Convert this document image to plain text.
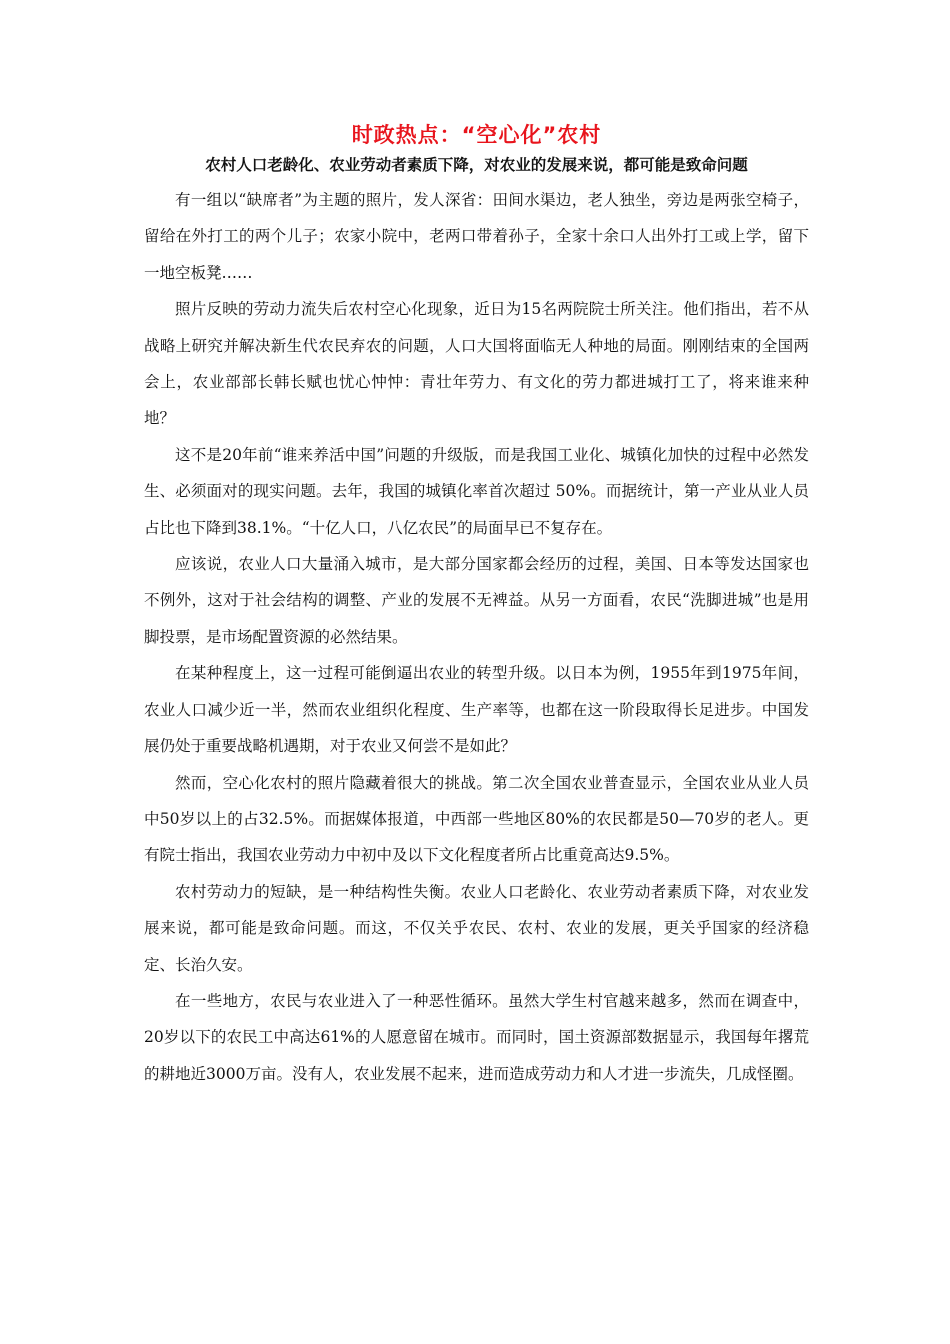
时政热点：“空心化”农村

农村人口老龄化、农业劳动者素质下降，对农业的发展来说，都可能是致命问题

有一组以“缺席者”为主题的照片，发人深省：田间水渠边，老人独坐，旁边是两张空椅子，留给在外打工的两个儿子；农家小院中，老两口带着孙子，全家十余口人出外打工或上学，留下一地空板凳……

照片反映的劳动力流失后农村空心化现象，近日为15名两院院士所关注。他们指出，若不从战略上研究并解决新生代农民弃农的问题，人口大国将面临无人种地的局面。刚刚结束的全国两会上，农业部部长韩长赋也忧心忡忡：青壮年劳力、有文化的劳力都进城打工了，将来谁来种地？

这不是20年前“谁来养活中国”问题的升级版，而是我国工业化、城镇化加快的过程中必然发生、必须面对的现实问题。去年，我国的城镇化率首次超过 50%。而据统计，第一产业从业人员占比也下降到38.1%。“十亿人口，八亿农民”的局面早已不复存在。

应该说，农业人口大量涌入城市，是大部分国家都会经历的过程，美国、日本等发达国家也不例外，这对于社会结构的调整、产业的发展不无裨益。从另一方面看，农民“洗脚进城”也是用脚投票，是市场配置资源的必然结果。

在某种程度上，这一过程可能倒逼出农业的转型升级。以日本为例，1955年到1975年间，农业人口减少近一半，然而农业组织化程度、生产率等，也都在这一阶段取得长足进步。中国发展仍处于重要战略机遇期，对于农业又何尝不是如此？

然而，空心化农村的照片隐藏着很大的挑战。第二次全国农业普查显示，全国农业从业人员中50岁以上的占32.5%。而据媒体报道，中西部一些地区80%的农民都是50—70岁的老人。更有院士指出，我国农业劳动力中初中及以下文化程度者所占比重竟高达9.5%。

农村劳动力的短缺，是一种结构性失衡。农业人口老龄化、农业劳动者素质下降，对农业发展来说，都可能是致命问题。而这，不仅关乎农民、农村、农业的发展，更关乎国家的经济稳定、长治久安。

在一些地方，农民与农业进入了一种恶性循环。虽然大学生村官越来越多，然而在调查中，20岁以下的农民工中高达61%的人愿意留在城市。而同时，国土资源部数据显示，我国每年撂荒的耕地近3000万亩。没有人，农业发展不起来，进而造成劳动力和人才进一步流失，几成怪圈。
